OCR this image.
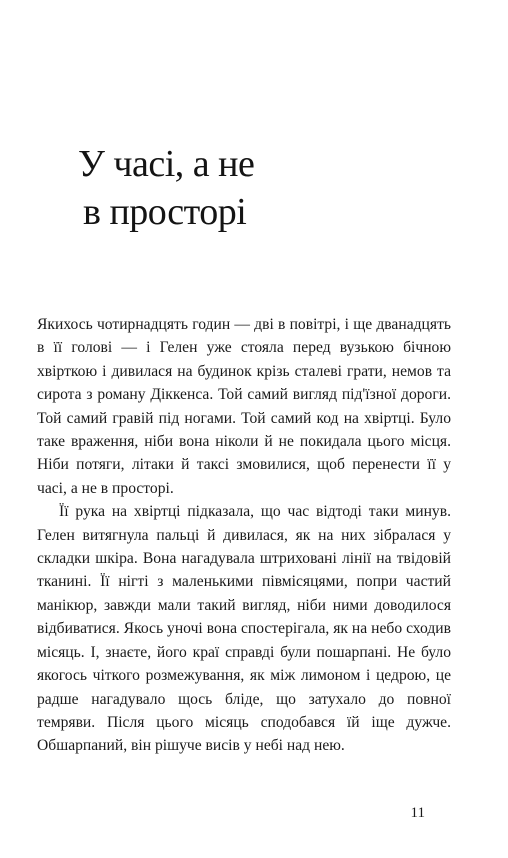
У часі, а не
в просторі

Якихось чотирнадцять годин — дві в повітрі, і ще дванадцять в її голові — і Гелен уже стояла перед вузькою бічною хвірткою і дивилася на будинок крізь сталеві грати, немов та сирота з роману Діккенса. Той самий вигляд під'їзної дороги. Той самий гравій під ногами. Той самий код на хвіртці. Було таке враження, ніби вона ніколи й не покидала цього місця. Ніби потяги, літаки й таксі змовилися, щоб перенести її у часі, а не в просторі.

Її рука на хвіртці підказала, що час відтоді таки минув. Гелен витягнула пальці й дивилася, як на них зібралася у складки шкіра. Вона нагадувала штриховані лінії на твідовій тканині. Її нігті з маленькими півмісяцями, попри частий манікюр, завжди мали такий вигляд, ніби ними доводилося відбиватися. Якось уночі вона спостерігала, як на небо сходив місяць. І, знаєте, його краї справді були пошарпані. Не було якогось чіткого розмежування, як між лимоном і цедрою, це радше нагадувало щось бліде, що затухало до повної темряви. Після цього місяць сподобався їй іще дужче. Обшарпаний, він рішуче висів у небі над нею.

11
